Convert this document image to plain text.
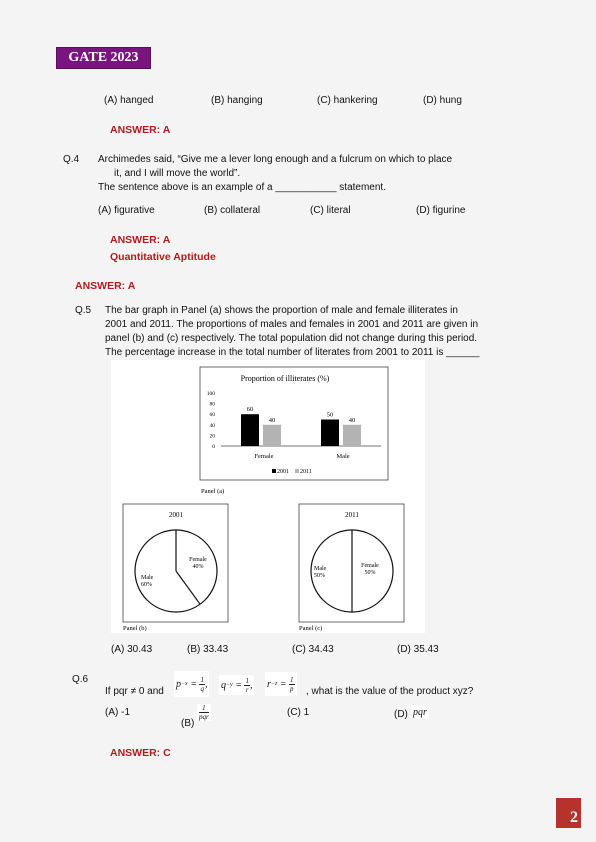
GATE 2023
(A) hanged	(B) hanging	(C) hankering	(D) hung
ANSWER: A
Q.4 Archimedes said, “Give me a lever long enough and a fulcrum on which to place
it, and I will move the world”.
The sentence above is an example of a ___________ statement.
(A) figurative	(B) collateral	(C) literal	(D) figurine
ANSWER: A
Quantitative Aptitude
ANSWER: A
Q.5 The bar graph in Panel (a) shows the proportion of male and female illiterates in
2001 and 2011. The proportions of males and females in 2001 and 2011 are given in
panel (b) and (c) respectively. The total population did not change during this period.
The percentage increase in the total number of literates from 2001 to 2011 is ______
Proportion of illiterates (%)
100
80
60
40
20
0
60
40
50
40
Female	Male
2001 2011
Panel (a)
2001
Female
40%
Male
60%
Panel (b)
2011
Male
50%
Female
50%
Panel (c)
(A) 30.43	(B) 33.43	(C) 34.43	(D) 35.43
Q.6
If pqr ≠ 0 and
$p -x = \frac{1}{q}$ , $q -y = \frac{1}{r}$ , $r -z = \frac{1}{p}$ , what is the value of the product xyz?
(A) -1
(B)
$\frac{1}{\text{pqr}}$	(C) 1	(D) pqr
ANSWER: C
2
